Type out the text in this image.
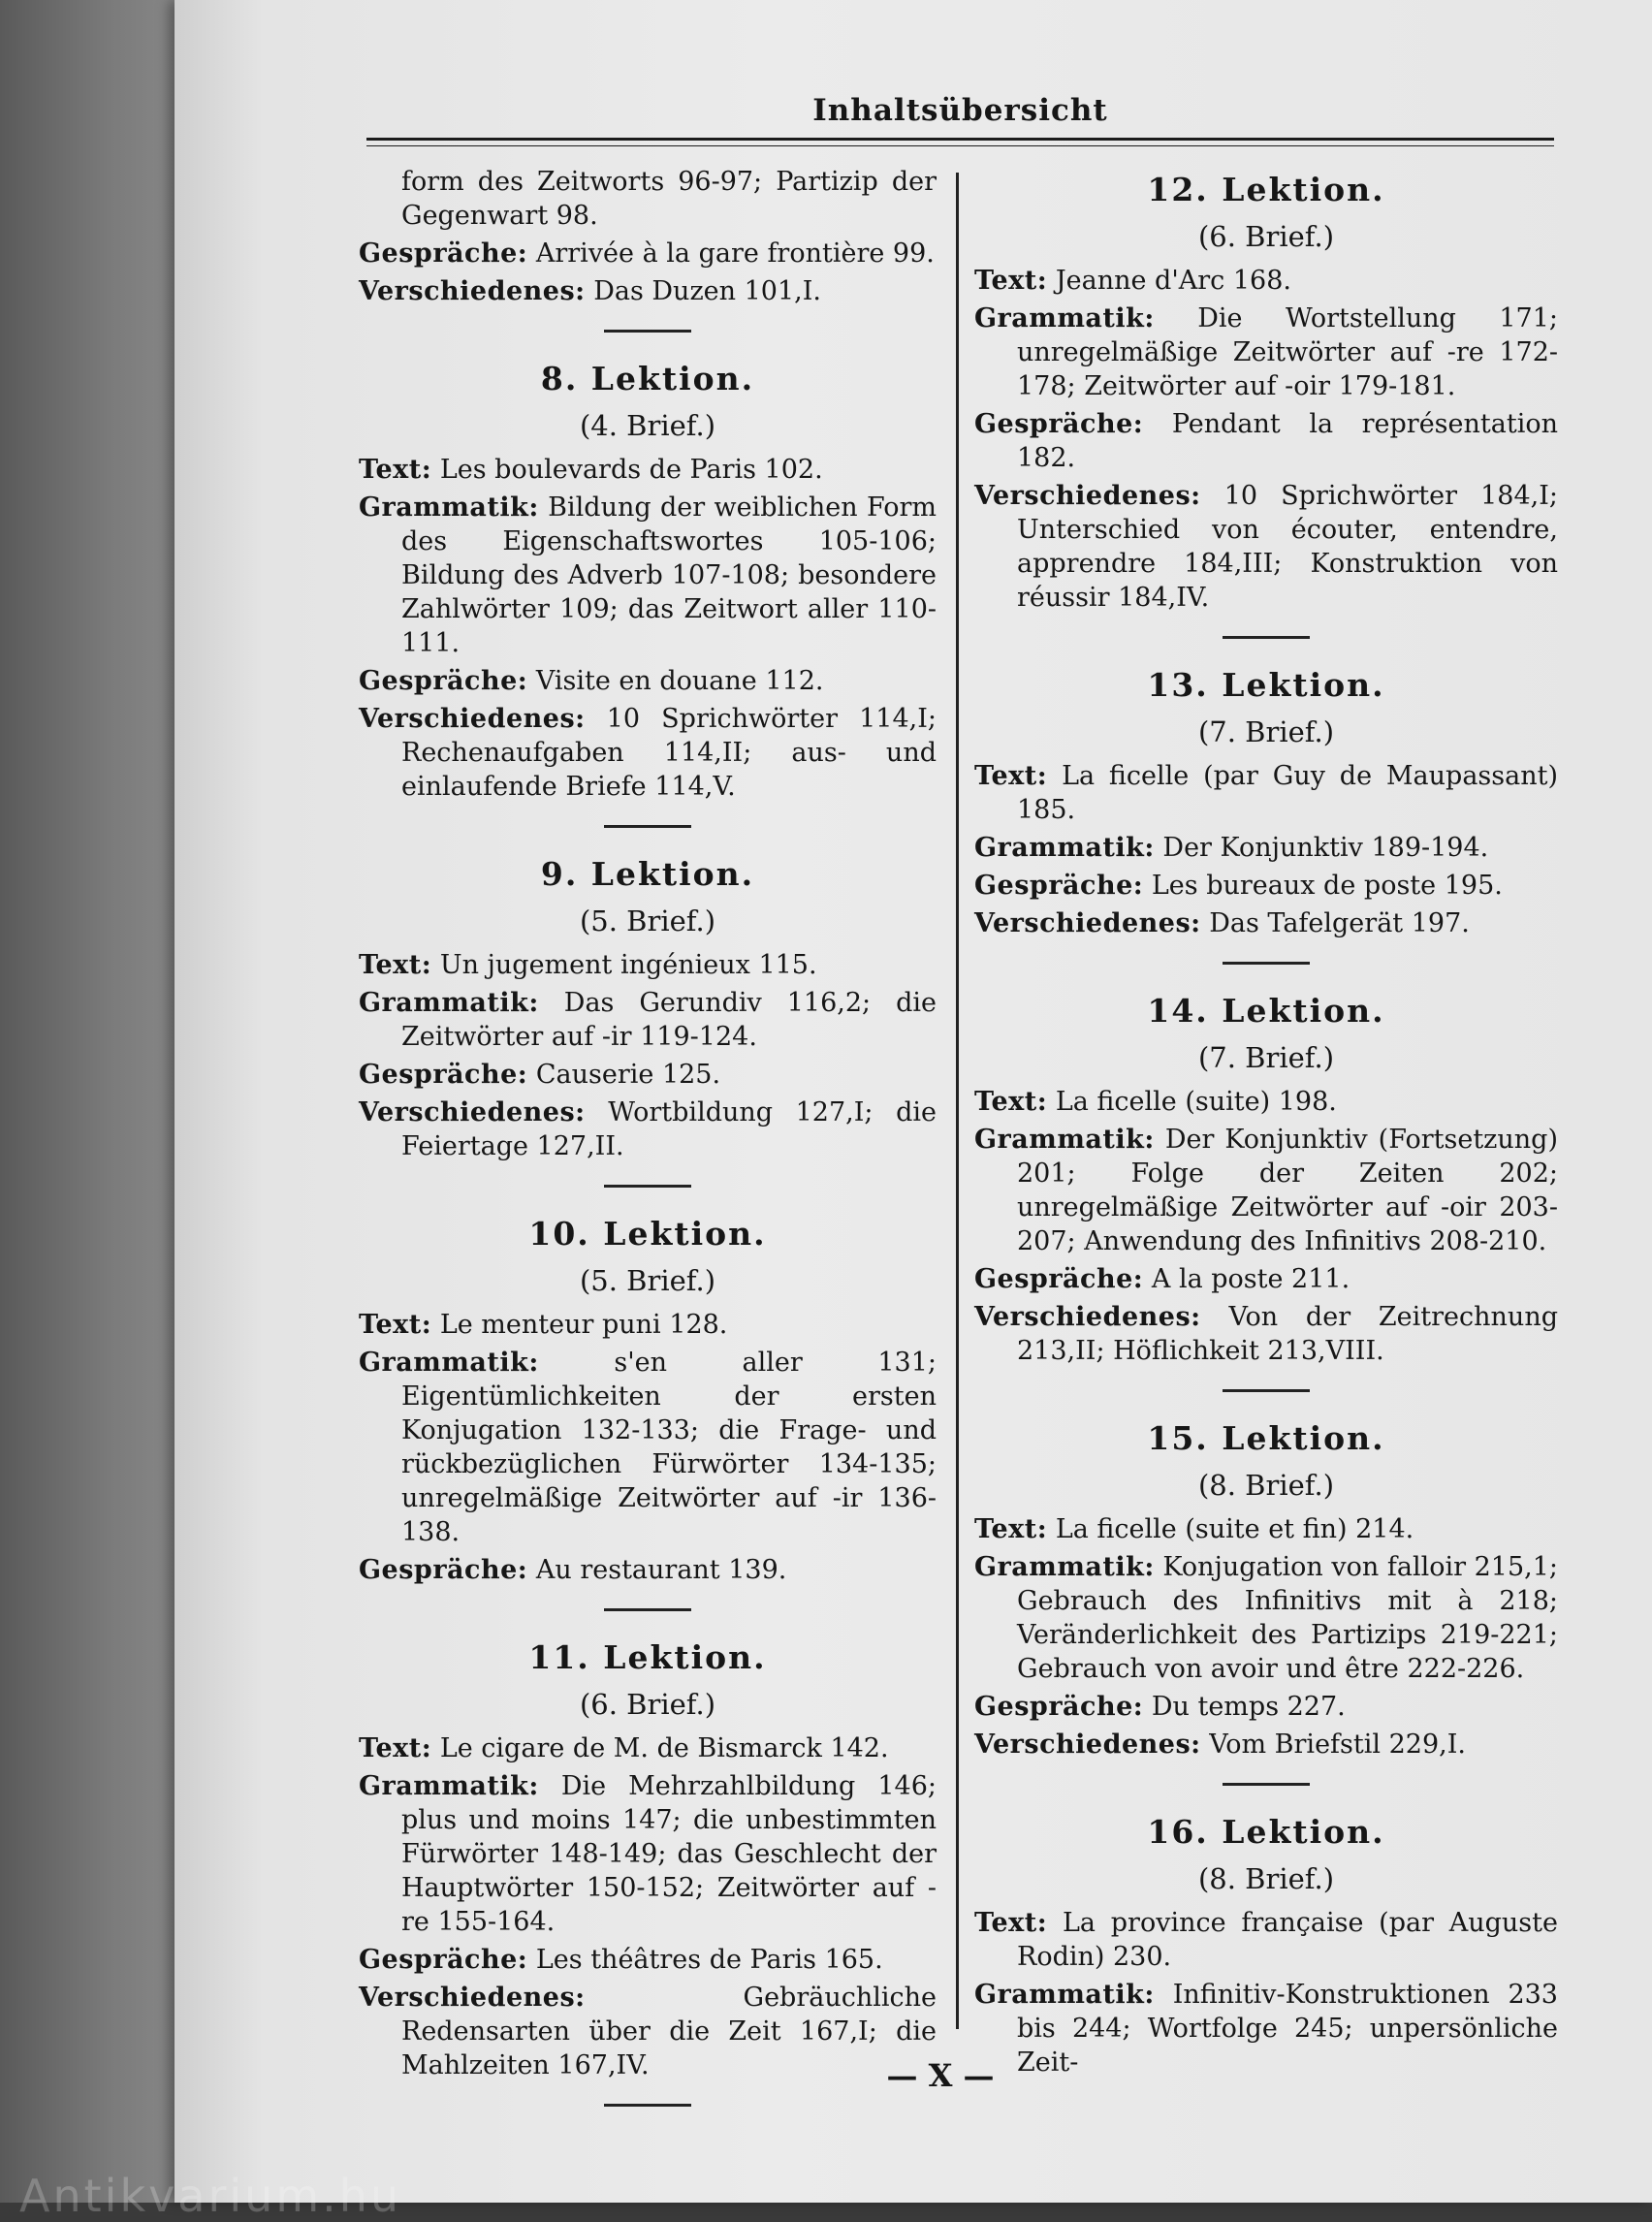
Inhaltsübersicht

form des Zeitworts 96-97; Partizip der Gegenwart 98.

Gespräche: Arrivée à la gare frontière 99.

Verschiedenes: Das Duzen 101,I.

8. Lektion.
(4. Brief.)

Text: Les boulevards de Paris 102.

Grammatik: Bildung der weiblichen Form des Eigenschaftswortes 105-106; Bildung des Adverb 107-108; besondere Zahlwörter 109; das Zeitwort aller 110-111.

Gespräche: Visite en douane 112.

Verschiedenes: 10 Sprichwörter 114,I; Rechenaufgaben 114,II; aus- und einlaufende Briefe 114,V.

9. Lektion.
(5. Brief.)

Text: Un jugement ingénieux 115.

Grammatik: Das Gerundiv 116,2; die Zeitwörter auf -ir 119-124.

Gespräche: Causerie 125.

Verschiedenes: Wortbildung 127,I; die Feiertage 127,II.

10. Lektion.
(5. Brief.)

Text: Le menteur puni 128.

Grammatik:	s'en aller 131; Eigentümlichkeiten der ersten Konjugation 132-133; die Frage- und rückbezüglichen Fürwörter 134-135; unregelmäßige Zeitwörter auf -ir 136-138.

Gespräche: Au restaurant 139.

11. Lektion.
(6. Brief.)

Text: Le cigare de M. de Bismarck 142.

Grammatik: Die Mehrzahlbildung 146; plus und moins 147; die unbestimmten Fürwörter 148-149; das Geschlecht der Hauptwörter 150-152; Zeitwörter auf -re 155-164.

Gespräche: Les théâtres de Paris 165.

Verschiedenes:	Gebräuchliche Redensarten über die Zeit 167,I; die Mahlzeiten 167,IV.

12. Lektion.
(6. Brief.)

Text: Jeanne d'Arc 168.

Grammatik: Die Wortstellung 171; unregelmäßige Zeitwörter auf -re 172-178; Zeitwörter auf -oir 179-181.

Gespräche: Pendant la représentation 182.

Verschiedenes: 10 Sprichwörter 184,I; Unterschied von écouter, entendre, apprendre 184,III; Konstruktion von réussir 184,IV.

13. Lektion.
(7. Brief.)

Text: La ficelle (par Guy de Maupassant) 185.

Grammatik: Der Konjunktiv 189-194.

Gespräche: Les bureaux de poste 195.

Verschiedenes: Das Tafelgerät 197.

14. Lektion.
(7. Brief.)

Text: La ficelle (suite) 198.

Grammatik: Der Konjunktiv (Fortsetzung) 201; Folge der Zeiten 202; unregelmäßige Zeitwörter auf -oir 203-207; Anwendung des Infinitivs 208-210.

Gespräche: A la poste 211.

Verschiedenes: Von der Zeitrechnung 213,II; Höflichkeit 213,VIII.

15. Lektion.
(8. Brief.)

Text: La ficelle (suite et fin) 214.

Grammatik: Konjugation von falloir 215,1; Gebrauch des Infinitivs mit à 218; Veränderlichkeit des Partizips 219-221; Gebrauch von avoir und être 222-226.

Gespräche: Du temps 227.

Verschiedenes: Vom Briefstil 229,I.

16. Lektion.
(8. Brief.)

Text: La province française (par Auguste Rodin) 230.

Grammatik: Infinitiv-Konstruktionen 233 bis 244; Wortfolge 245; unpersönliche Zeit-

— X —
Antikvarium.hu
